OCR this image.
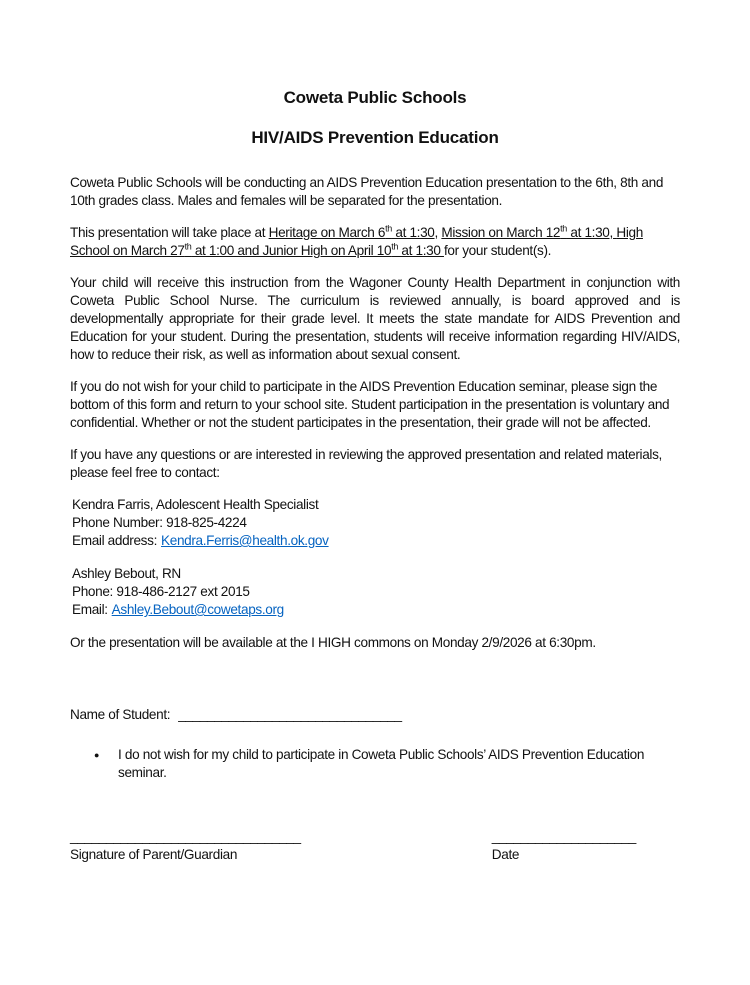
Coweta Public Schools
HIV/AIDS Prevention Education

Coweta Public Schools will be conducting an AIDS Prevention Education presentation to the 6th, 8th and 10th grades class. Males and females will be separated for the presentation.

This presentation will take place at Heritage on March 6th at 1:30, Mission on March 12th at 1:30, High School on March 27th at 1:00 and Junior High on April 10th at 1:30 for your student(s).

Your child will receive this instruction from the Wagoner County Health Department in conjunction with Coweta Public School Nurse. The curriculum is reviewed annually, is board approved and is developmentally appropriate for their grade level. It meets the state mandate for AIDS Prevention and Education for your student. During the presentation, students will receive information regarding HIV/AIDS, how to reduce their risk, as well as information about sexual consent.

If you do not wish for your child to participate in the AIDS Prevention Education seminar, please sign the bottom of this form and return to your school site. Student participation in the presentation is voluntary and confidential. Whether or not the student participates in the presentation, their grade will not be affected.

If you have any questions or are interested in reviewing the approved presentation and related materials, please feel free to contact:

Kendra Farris, Adolescent Health Specialist
Phone Number: 918-825-4224
Email address: Kendra.Ferris@health.ok.gov
Ashley Bebout, RN
Phone: 918-486-2127 ext 2015
Email: Ashley.Bebout@cowetaps.org

Or the presentation will be available at the I HIGH commons on Monday 2/9/2026 at 6:30pm.

Name of Student: _______________________________
●	I do not wish for my child to participate in Coweta Public Schools’ AIDS Prevention Education seminar.
________________________________
Signature of Parent/Guardian
____________________
Date
